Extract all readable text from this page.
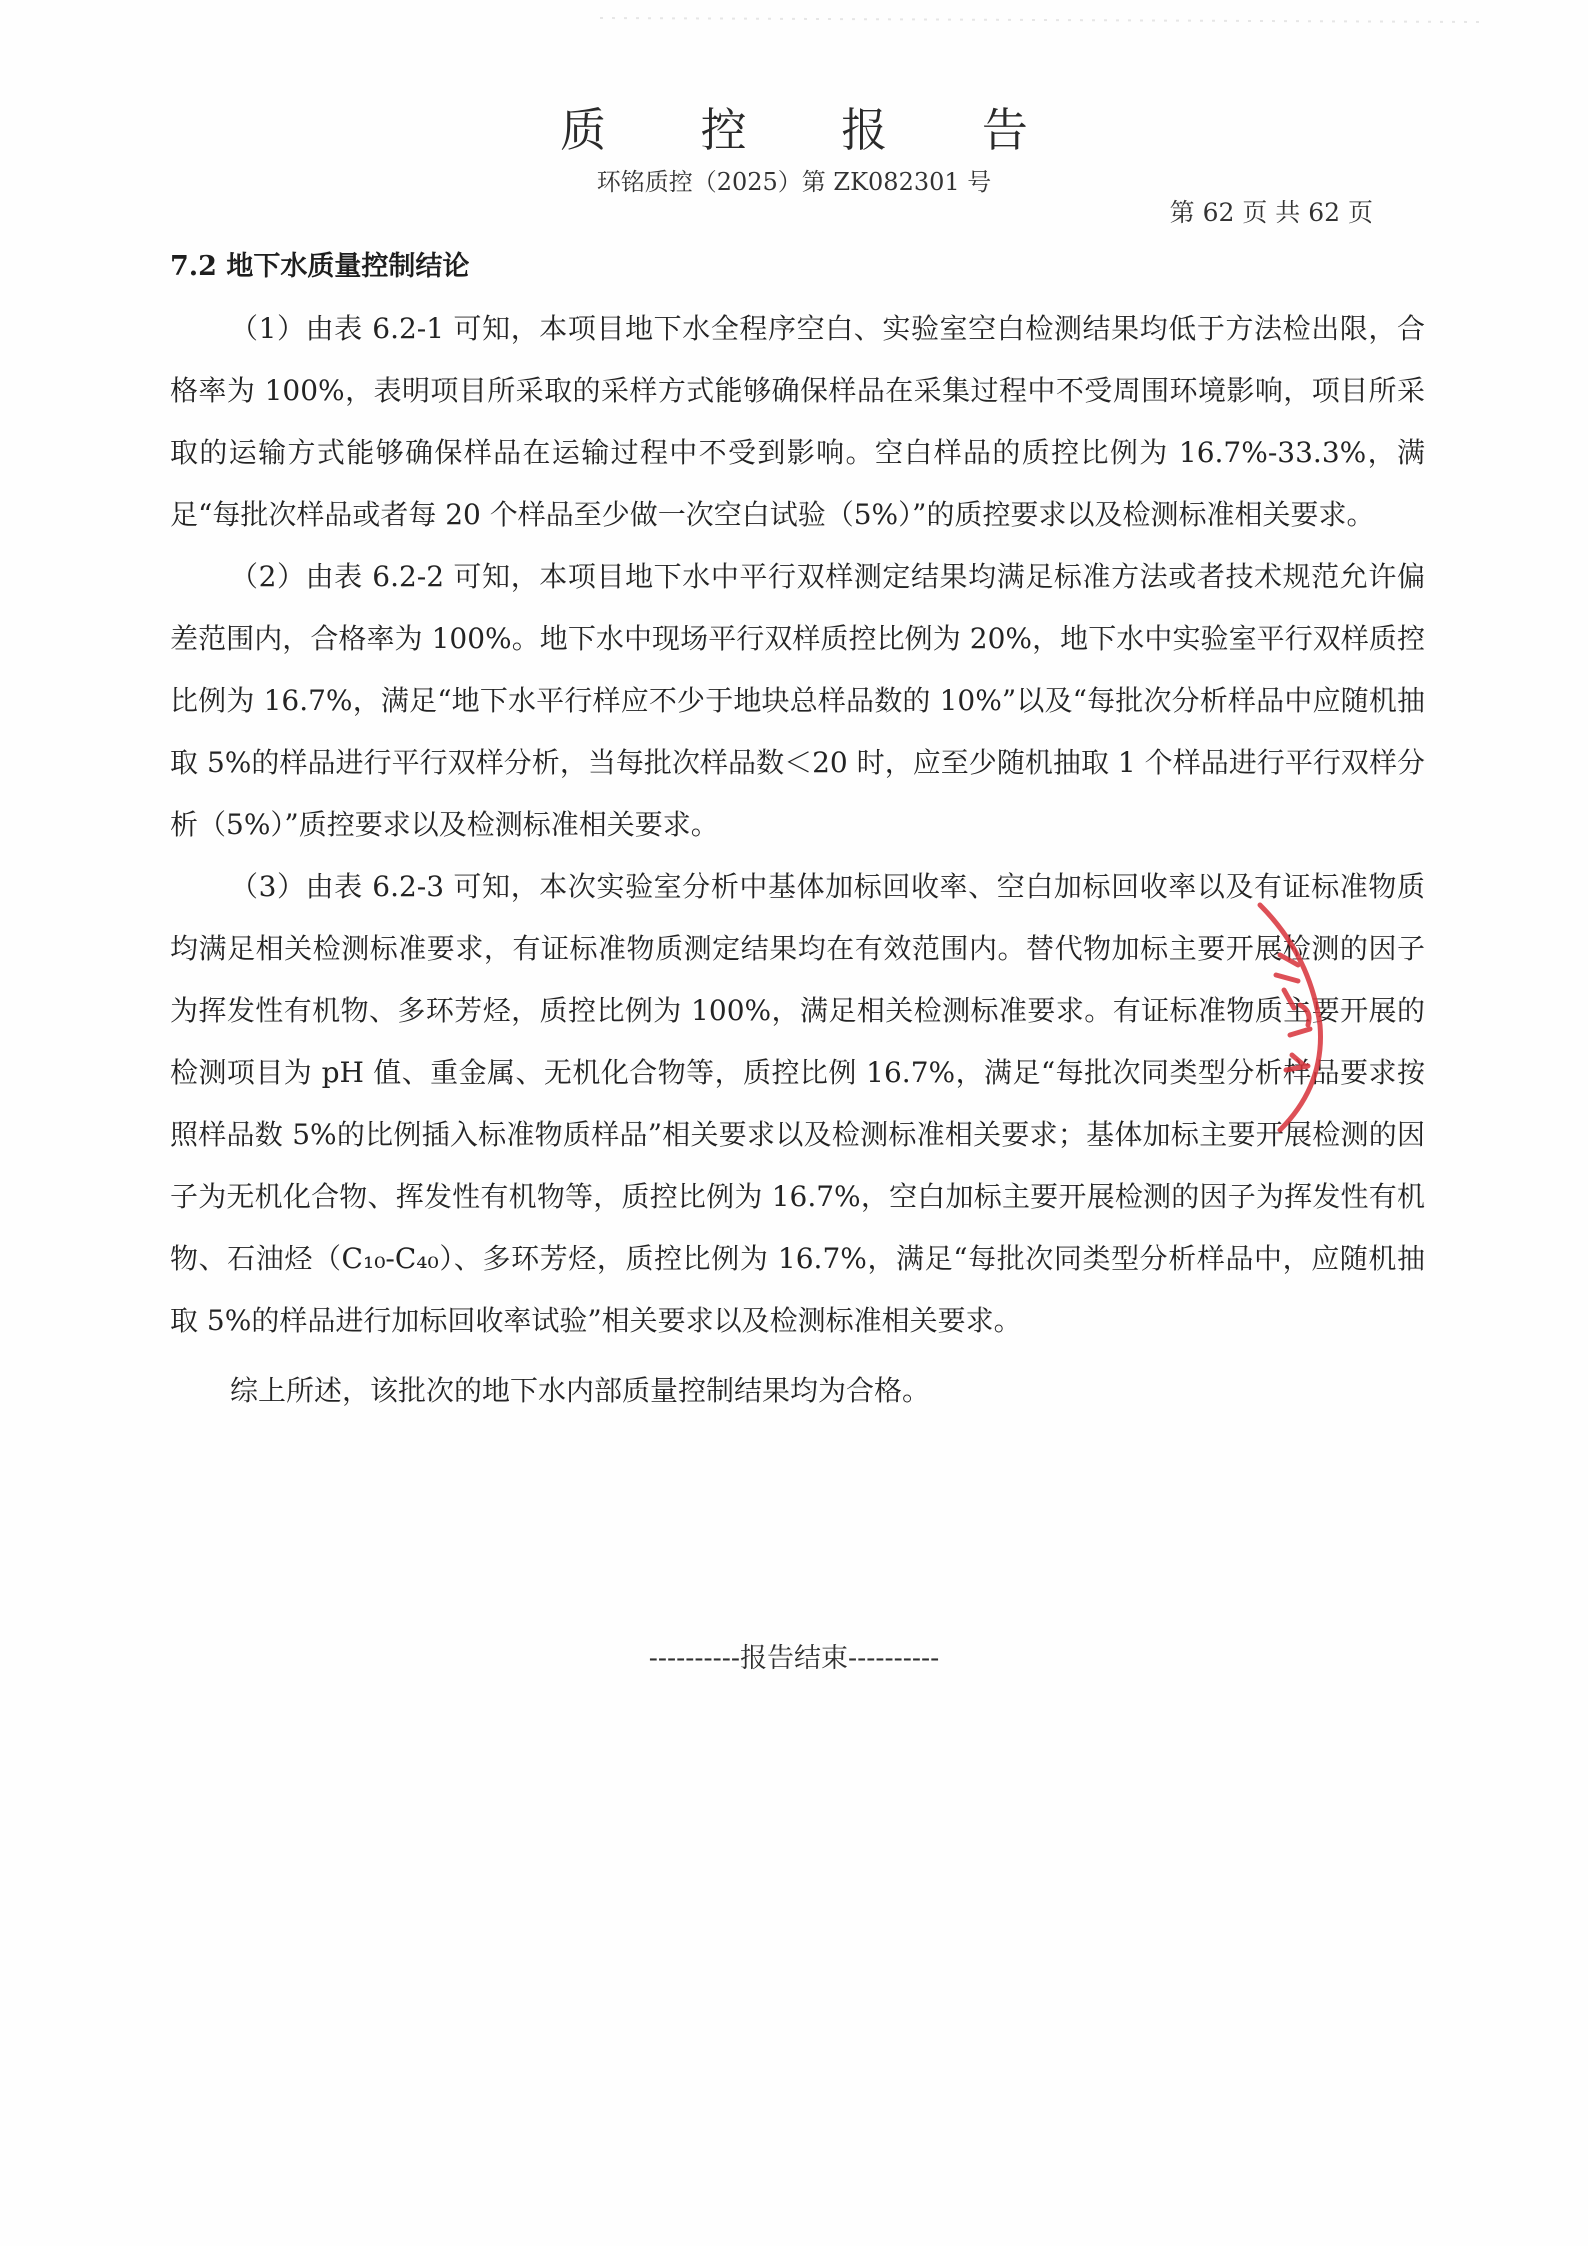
质 控 报 告
环铭质控（2025）第 ZK082301 号
第 62 页 共 62 页
7.2 地下水质量控制结论

（1）由表 6.2-1 可知，本项目地下水全程序空白、实验室空白检测结果均低于方法检出限，合格率为 100%，表明项目所采取的采样方式能够确保样品在采集过程中不受周围环境影响，项目所采取的运输方式能够确保样品在运输过程中不受到影响。空白样品的质控比例为 16.7%-33.3%，满足“每批次样品或者每 20 个样品至少做一次空白试验（5%）”的质控要求以及检测标准相关要求。

（2）由表 6.2-2 可知，本项目地下水中平行双样测定结果均满足标准方法或者技术规范允许偏差范围内，合格率为 100%。地下水中现场平行双样质控比例为 20%，地下水中实验室平行双样质控比例为 16.7%，满足“地下水平行样应不少于地块总样品数的 10%”以及“每批次分析样品中应随机抽取 5%的样品进行平行双样分析，当每批次样品数＜20 时，应至少随机抽取 1 个样品进行平行双样分析（5%）”质控要求以及检测标准相关要求。

（3）由表 6.2-3 可知，本次实验室分析中基体加标回收率、空白加标回收率以及有证标准物质均满足相关检测标准要求，有证标准物质测定结果均在有效范围内。替代物加标主要开展检测的因子为挥发性有机物、多环芳烃，质控比例为 100%，满足相关检测标准要求。有证标准物质主要开展的检测项目为 pH 值、重金属、无机化合物等，质控比例 16.7%，满足“每批次同类型分析样品要求按照样品数 5%的比例插入标准物质样品”相关要求以及检测标准相关要求；基体加标主要开展检测的因子为无机化合物、挥发性有机物等，质控比例为 16.7%，空白加标主要开展检测的因子为挥发性有机物、石油烃（C₁₀-C₄₀）、多环芳烃，质控比例为 16.7%，满足“每批次同类型分析样品中，应随机抽取 5%的样品进行加标回收率试验”相关要求以及检测标准相关要求。

综上所述，该批次的地下水内部质量控制结果均为合格。

----------报告结束----------
